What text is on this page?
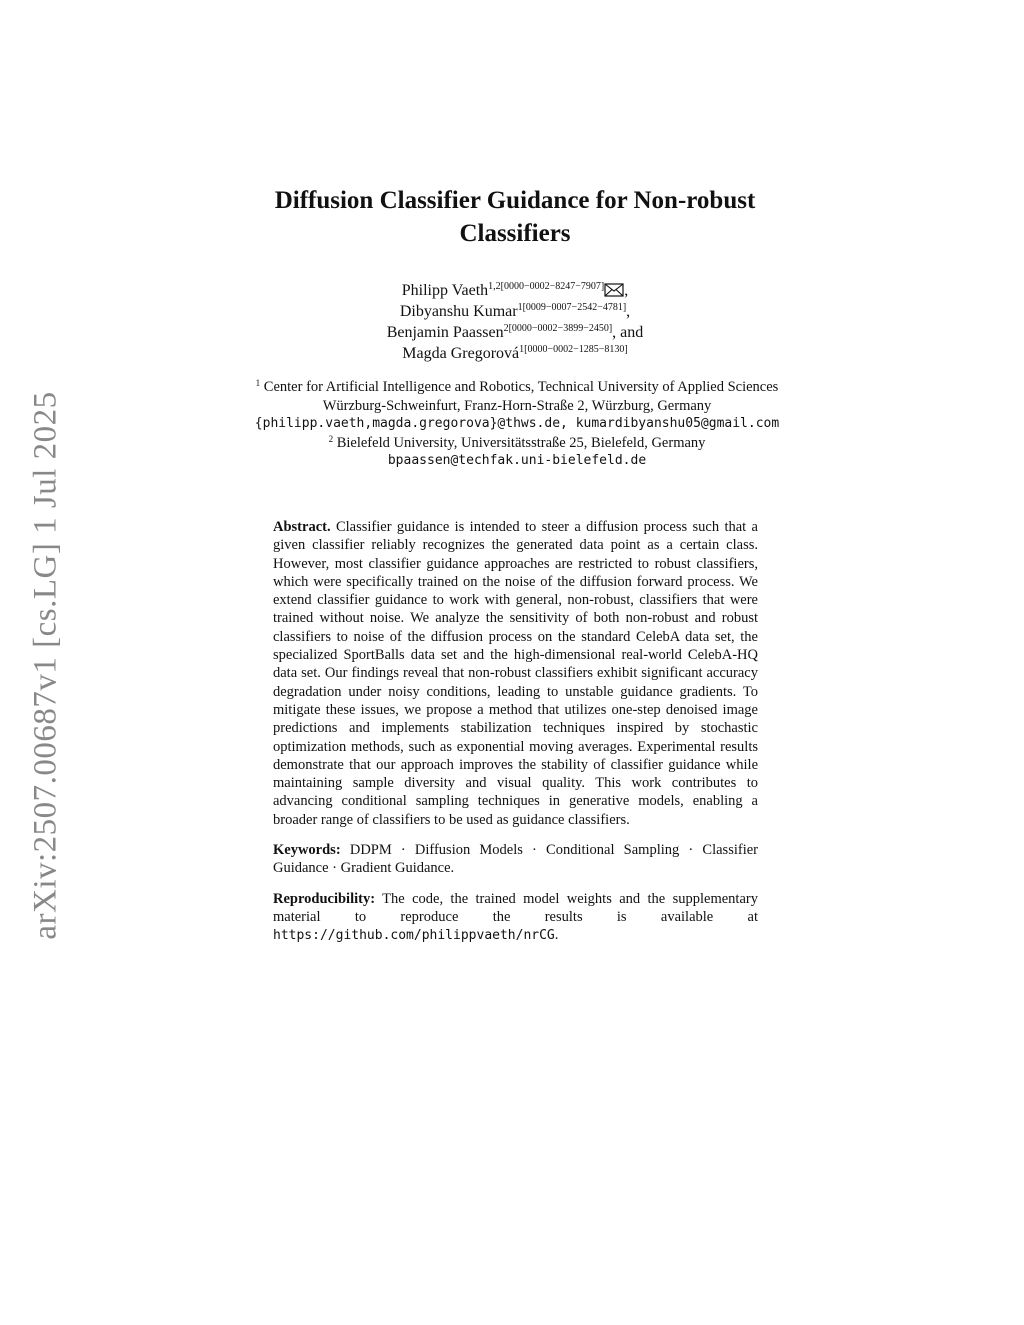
arXiv:2507.00687v1 [cs.LG] 1 Jul 2025
Diffusion Classifier Guidance for Non-robust Classifiers
Philipp Vaeth$^{1,2[0000-0002-8247-7907]}$ ,
Dibyanshu Kumar$^{1[0009-0007-2542-4781]}$,
Benjamin Paassen$^{2[0000-0002-3899-2450]}$, and
Magda Gregorová$^{1[0000-0002-1285-8130]}$
$^1$ Center for Artificial Intelligence and Robotics, Technical University of Applied Sciences Würzburg-Schweinfurt, Franz-Horn-Straße 2, Würzburg, Germany
{philipp.vaeth,magda.gregorova}@thws.de, kumardibyanshu05@gmail.com
$^2$ Bielefeld University, Universitätsstraße 25, Bielefeld, Germany
bpaassen@techfak.uni-bielefeld.de

Abstract. Classifier guidance is intended to steer a diffusion process such that a given classifier reliably recognizes the generated data point as a certain class. However, most classifier guidance approaches are restricted to robust classifiers, which were specifically trained on the noise of the diffusion forward process. We extend classifier guidance to work with general, non-robust, classifiers that were trained without noise. We analyze the sensitivity of both non-robust and robust classifiers to noise of the diffusion process on the standard CelebA data set, the specialized SportBalls data set and the high-dimensional real-world CelebA-HQ data set. Our findings reveal that non-robust classifiers exhibit significant accuracy degradation under noisy conditions, leading to unstable guidance gradients. To mitigate these issues, we propose a method that utilizes one-step denoised image predictions and implements stabilization techniques inspired by stochastic optimization methods, such as exponential moving averages. Experimental results demonstrate that our approach improves the stability of classifier guidance while maintaining sample diversity and visual quality. This work contributes to advancing conditional sampling techniques in generative models, enabling a broader range of classifiers to be used as guidance classifiers.

Keywords: DDPM · Diffusion Models · Conditional Sampling · Classifier Guidance · Gradient Guidance.

Reproducibility: The code, the trained model weights and the supplementary material to reproduce the results is available at https://github.com/philippvaeth/nrCG.
